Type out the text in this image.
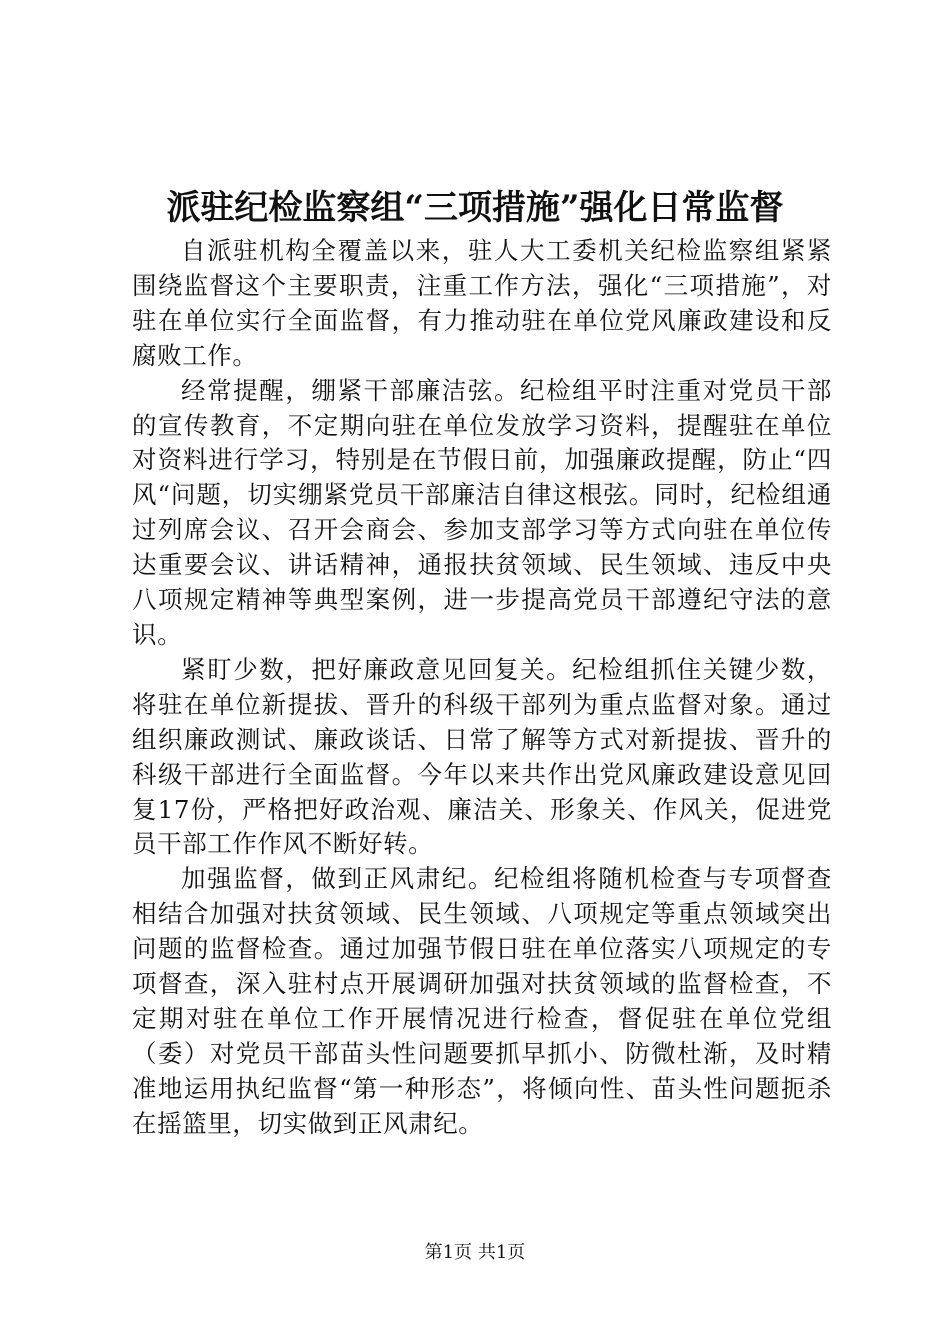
派驻纪检监察组“三项措施”强化日常监督

自派驻机构全覆盖以来，驻人大工委机关纪检监察组紧紧围绕监督这个主要职责，注重工作方法，强化“三项措施”，对驻在单位实行全面监督，有力推动驻在单位党风廉政建设和反腐败工作。

经常提醒，绷紧干部廉洁弦。纪检组平时注重对党员干部的宣传教育，不定期向驻在单位发放学习资料，提醒驻在单位对资料进行学习，特别是在节假日前，加强廉政提醒，防止“四风“问题，切实绷紧党员干部廉洁自律这根弦。同时，纪检组通过列席会议、召开会商会、参加支部学习等方式向驻在单位传达重要会议、讲话精神，通报扶贫领域、民生领域、违反中央八项规定精神等典型案例，进一步提高党员干部遵纪守法的意识。

紧盯少数，把好廉政意见回复关。纪检组抓住关键少数，将驻在单位新提拔、晋升的科级干部列为重点监督对象。通过组织廉政测试、廉政谈话、日常了解等方式对新提拔、晋升的科级干部进行全面监督。今年以来共作出党风廉政建设意见回复17份，严格把好政治观、廉洁关、形象关、作风关，促进党员干部工作作风不断好转。

加强监督，做到正风肃纪。纪检组将随机检查与专项督查相结合加强对扶贫领域、民生领域、八项规定等重点领域突出问题的监督检查。通过加强节假日驻在单位落实八项规定的专项督查，深入驻村点开展调研加强对扶贫领域的监督检查，不定期对驻在单位工作开展情况进行检查，督促驻在单位党组（委）对党员干部苗头性问题要抓早抓小、防微杜渐，及时精准地运用执纪监督“第一种形态”，将倾向性、苗头性问题扼杀在摇篮里，切实做到正风肃纪。

第1页 共1页
